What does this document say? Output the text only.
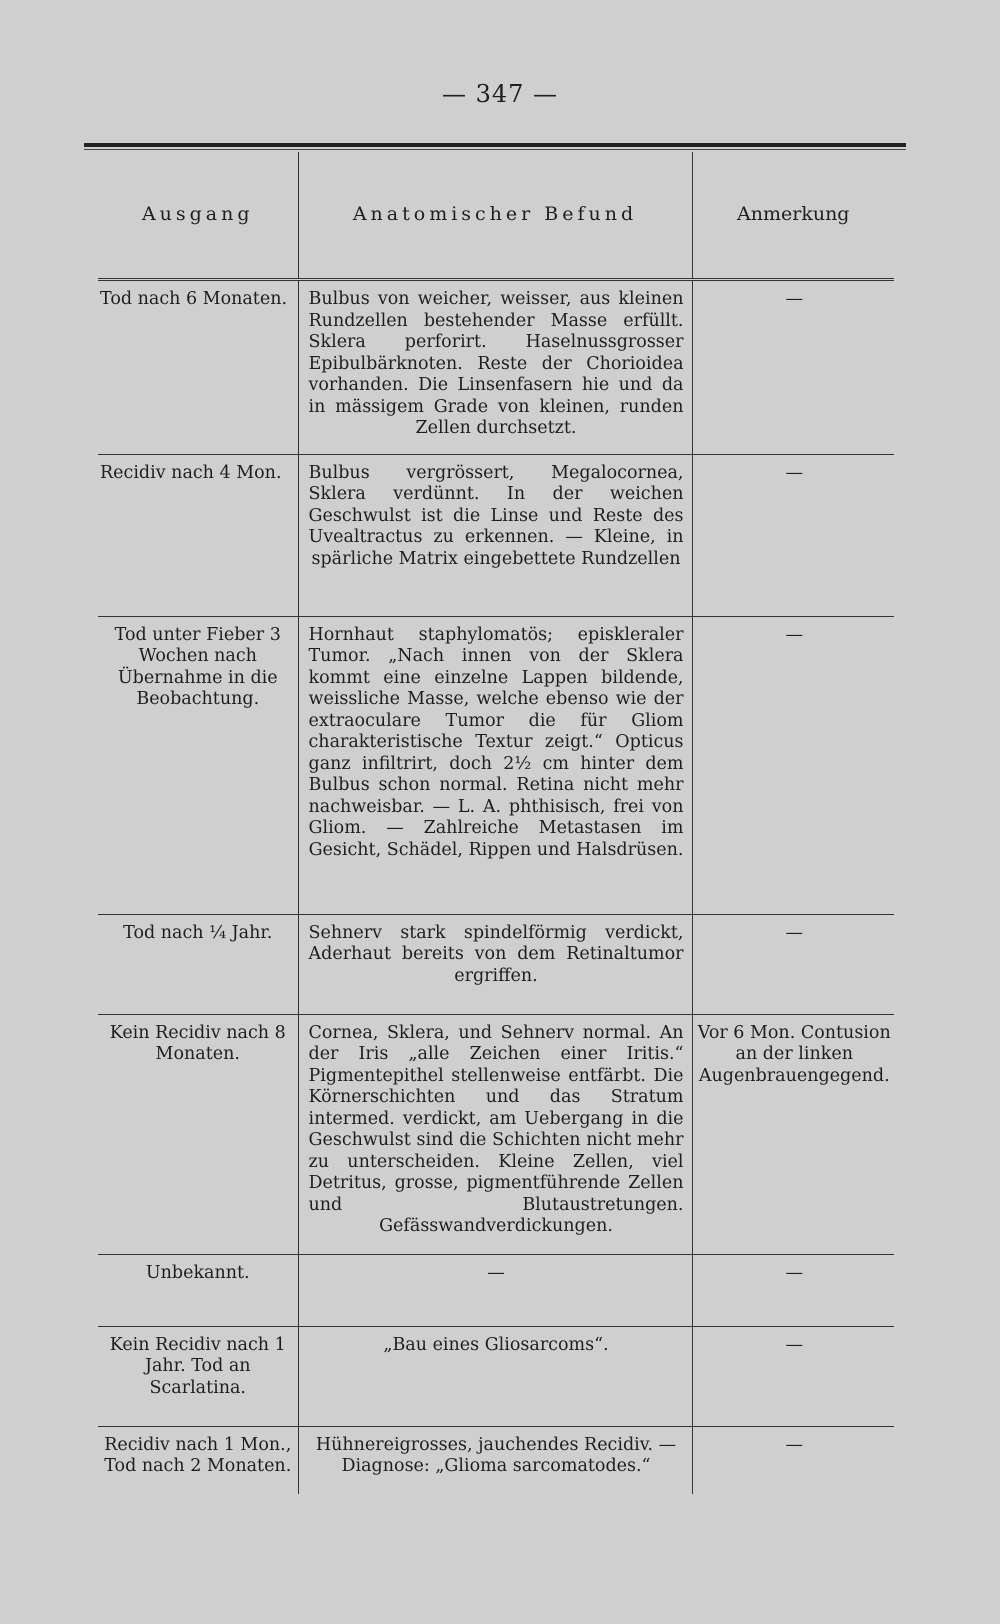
— 347 —
Ausgang	Anatomischer Befund	Anmerkung

Tod nach 6 Monaten.	Bulbus von weicher, weisser, aus kleinen Rundzellen bestehender Masse erfüllt. Sklera perforirt. Haselnussgrosser Epibulbärknoten. Reste der Chorioidea vorhanden. Die Linsenfasern hie und da in mässigem Grade von kleinen, runden Zellen durchsetzt.	—

Recidiv nach 4 Mon.	Bulbus vergrössert, Megalocornea, Sklera verdünnt. In der weichen Geschwulst ist die Linse und Reste des Uvealtractus zu erkennen. — Kleine, in spärliche Matrix eingebettete Rundzellen	—

Tod unter Fieber 3 Wochen nach Übernahme in die Beobachtung.	Hornhaut staphylomatös; episkleraler Tumor. „Nach innen von der Sklera kommt eine einzelne Lappen bildende, weissliche Masse, welche ebenso wie der extraoculare Tumor die für Gliom charakteristische Textur zeigt.“ Opticus ganz infiltrirt, doch 2½ cm hinter dem Bulbus schon normal. Retina nicht mehr nachweisbar. — L. A. phthisisch, frei von Gliom. — Zahlreiche Metastasen im Gesicht, Schädel, Rippen und Halsdrüsen.	—

Tod nach ¼ Jahr.	Sehnerv stark spindelförmig verdickt, Aderhaut bereits von dem Retinaltumor ergriffen.	—

Kein Recidiv nach 8 Monaten.	Cornea, Sklera, und Sehnerv normal. An der Iris „alle Zeichen einer Iritis.“ Pigmentepithel stellenweise entfärbt. Die Körnerschichten und das Stratum intermed. verdickt, am Uebergang in die Geschwulst sind die Schichten nicht mehr zu unterscheiden. Kleine Zellen, viel Detritus, grosse, pigmentführende Zellen und Blutaustretungen. Gefässwandverdickungen.	Vor 6 Mon. Contusion an der linken Augenbrauengegend.

Unbekannt.	—	—

Kein Recidiv nach 1 Jahr. Tod an Scarlatina.	„Bau eines Gliosarcoms“.	—

Recidiv nach 1 Mon., Tod nach 2 Monaten.	Hühnereigrosses, jauchendes Recidiv. — Diagnose: „Glioma sarcomatodes.“	—
